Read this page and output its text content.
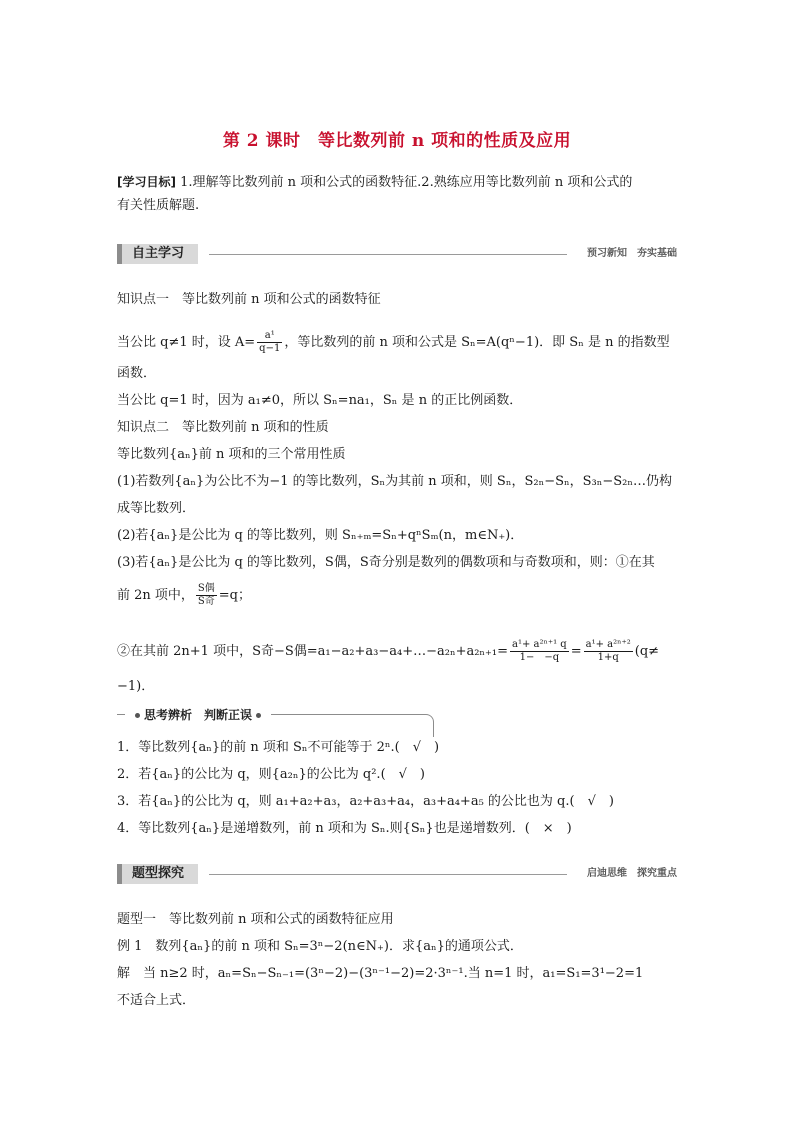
第 2 课时　等比数列前 n 项和的性质及应用
[学习目标] 1.理解等比数列前 n 项和公式的函数特征.2.熟练应用等比数列前 n 项和公式的
有关性质解题.
自主学习	预习新知　夯实基础
知识点一　等比数列前 n 项和公式的函数特征
当公比 q≠1 时，设 $A= \frac{\text{a¹}}{q-1}$ ，等比数列的前 n 项和公式是 Sₙ=A(qⁿ−1)．即 Sₙ 是 n 的指数型
函数．
当公比 q=1 时，因为 a₁≠0，所以 Sₙ=na₁，Sₙ 是 n 的正比例函数．
知识点二　等比数列前 n 项和的性质
等比数列{aₙ}前 n 项和的三个常用性质
(1)若数列{aₙ}为公比不为−1 的等比数列，Sₙ为其前 n 项和，则 Sₙ，S₂ₙ−Sₙ，S₃ₙ−S₂ₙ…仍构
成等比数列．
(2)若{aₙ}是公比为 q 的等比数列，则 Sₙ₊ₘ=Sₙ+qⁿSₘ(n，m∈N₊)．
(3)若{aₙ}是公比为 q 的等比数列，S偶，S奇分别是数列的偶数项和与奇数项和，则：①在其
前 2n 项中， $\frac{\text{S偶}}{\text{S奇}} =q$；
②在其前 2n+1 项中，S奇−S偶=a₁−a₂+a₃−a₄+…−a₂ₙ+a₂ₙ₊₁= $\frac{\text{a¹+ a²ⁿ⁺¹ q}}{1- -q} = \frac{\text{a¹+ a²ⁿ⁺²}}{1+q} (q\ne$
−1)．
思考辨析　判断正误
1．等比数列{aₙ}的前 n 项和 Sₙ不可能等于 2ⁿ.(　√　)
2．若{aₙ}的公比为 q，则{a₂ₙ}的公比为 q².(　√　)
3．若{aₙ}的公比为 q，则 a₁+a₂+a₃，a₂+a₃+a₄，a₃+a₄+a₅ 的公比也为 q.(　√　)
4．等比数列{aₙ}是递增数列，前 n 项和为 Sₙ.则{Sₙ}也是递增数列．(　×　)
题型探究	启迪思维　探究重点
题型一　等比数列前 n 项和公式的函数特征应用
例 1　数列{aₙ}的前 n 项和 Sₙ=3ⁿ−2(n∈N₊)．求{aₙ}的通项公式．
解　当 n≥2 时，aₙ=Sₙ−Sₙ₋₁=(3ⁿ−2)−(3ⁿ⁻¹−2)=2·3ⁿ⁻¹.当 n=1 时，a₁=S₁=3¹−2=1
不适合上式．
